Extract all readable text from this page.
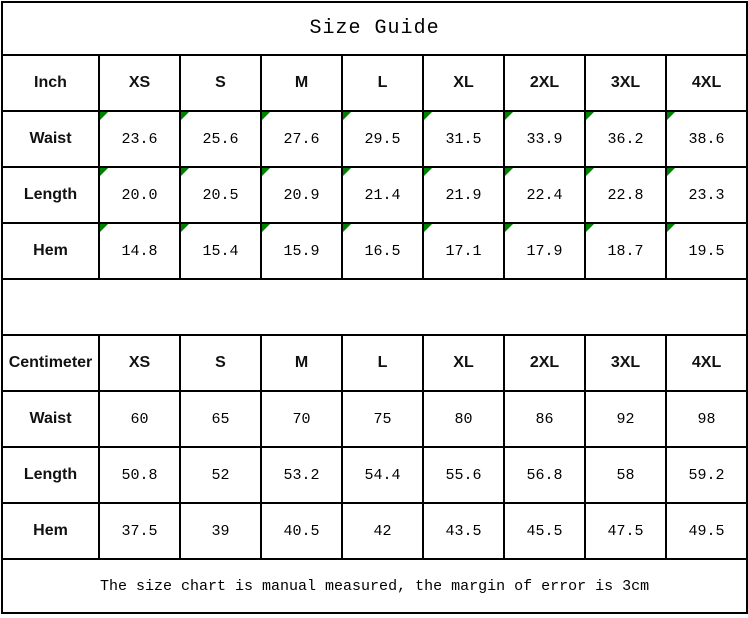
Size Guide								
Inch	XS	S	M	L	XL	2XL	3XL	4XL
Waist	23.6	25.6	27.6	29.5	31.5	33.9	36.2	38.6

Length	20.0	20.5	20.9	21.4	21.9	22.4	22.8	23.3

Hem	14.8	15.4	15.9	16.5	17.1	17.9	18.7	19.5

Centimeter	XS	S	M	L	XL	2XL	3XL	4XL
Waist	60	65	70	75	80	86	92	98
Length	50.8	52	53.2	54.4	55.6	56.8	58	59.2
Hem	37.5	39	40.5	42	43.5	45.5	47.5	49.5
The size chart is manual measured, the margin of error is 3cm								
